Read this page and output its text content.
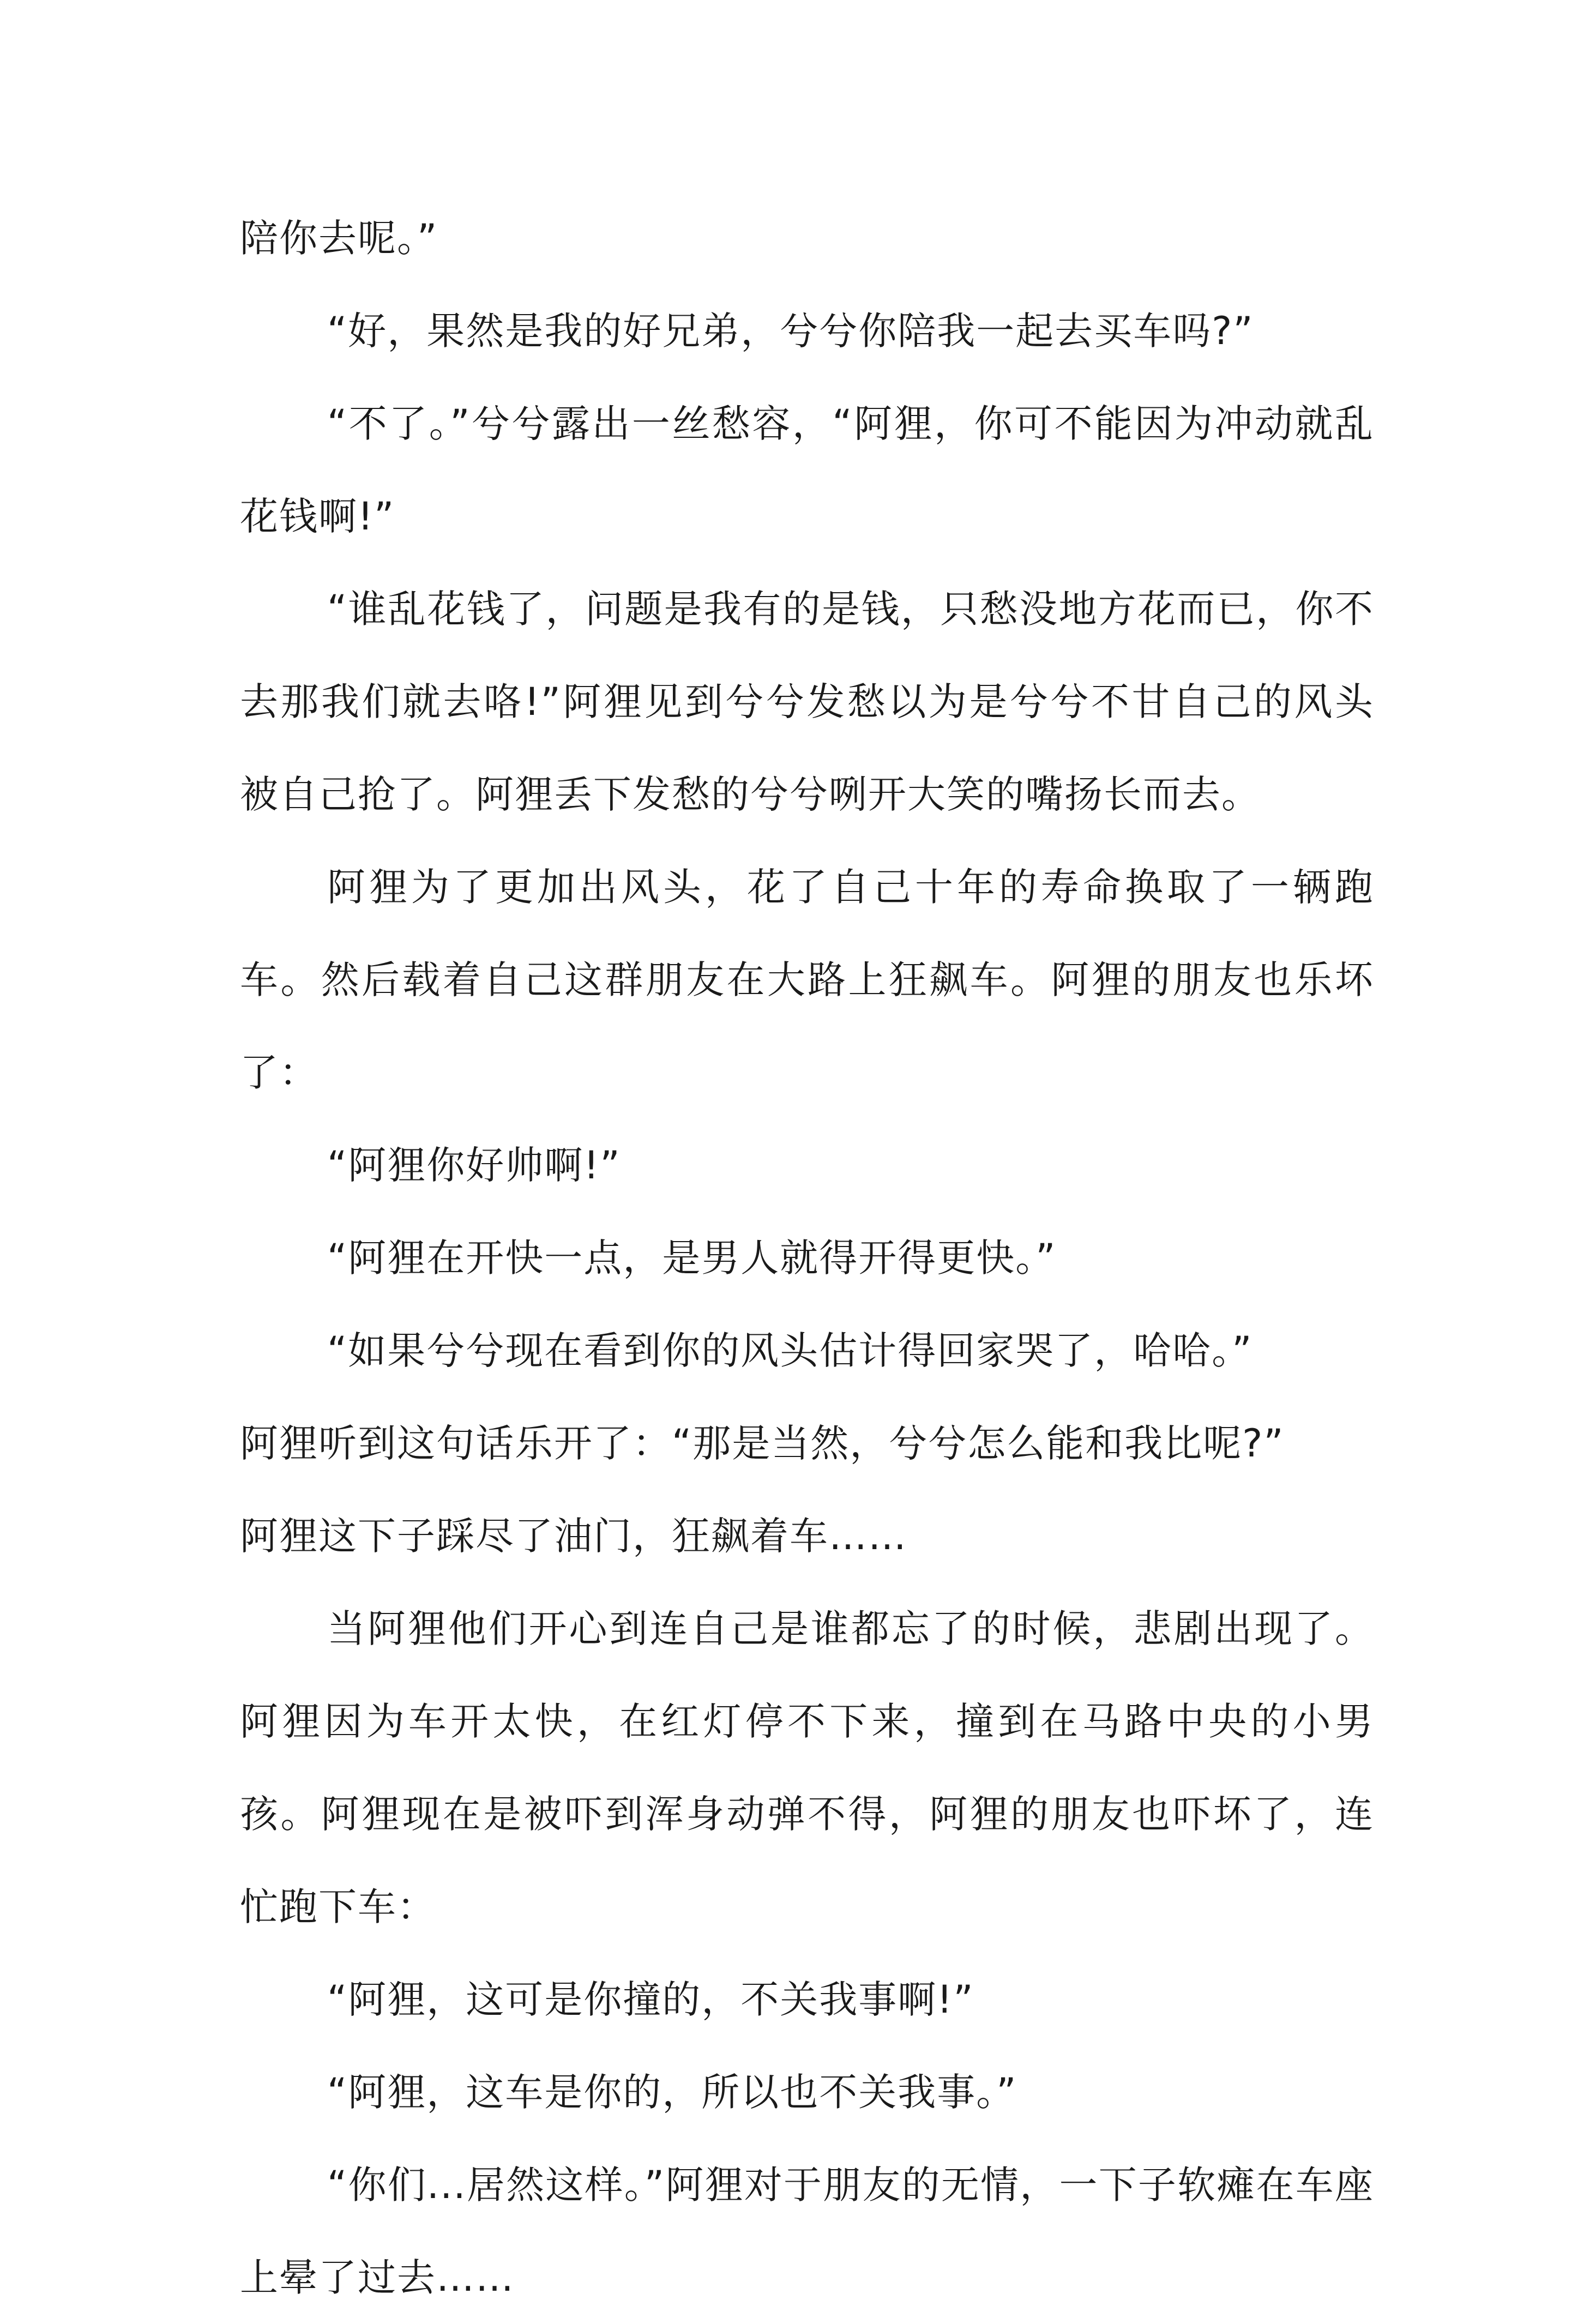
陪你去呢。”

“好，果然是我的好兄弟，兮兮你陪我一起去买车吗?”

“不了。”兮兮露出一丝愁容，“阿狸，你可不能因为冲动就乱花钱啊!”

“谁乱花钱了，问题是我有的是钱，只愁没地方花而已，你不去那我们就去咯!”阿狸见到兮兮发愁以为是兮兮不甘自己的风头被自己抢了。阿狸丢下发愁的兮兮咧开大笑的嘴扬长而去。

阿狸为了更加出风头，花了自己十年的寿命换取了一辆跑车。然后载着自己这群朋友在大路上狂飙车。阿狸的朋友也乐坏了：

“阿狸你好帅啊!”

“阿狸在开快一点，是男人就得开得更快。”

“如果兮兮现在看到你的风头估计得回家哭了，哈哈。”

阿狸听到这句话乐开了：“那是当然，兮兮怎么能和我比呢?”

阿狸这下子踩尽了油门，狂飙着车……

当阿狸他们开心到连自己是谁都忘了的时候，悲剧出现了。阿狸因为车开太快，在红灯停不下来，撞到在马路中央的小男孩。阿狸现在是被吓到浑身动弹不得，阿狸的朋友也吓坏了，连忙跑下车：

“阿狸，这可是你撞的，不关我事啊!”

“阿狸，这车是你的，所以也不关我事。”

“你们...居然这样。”阿狸对于朋友的无情，一下子软瘫在车座上晕了过去……
